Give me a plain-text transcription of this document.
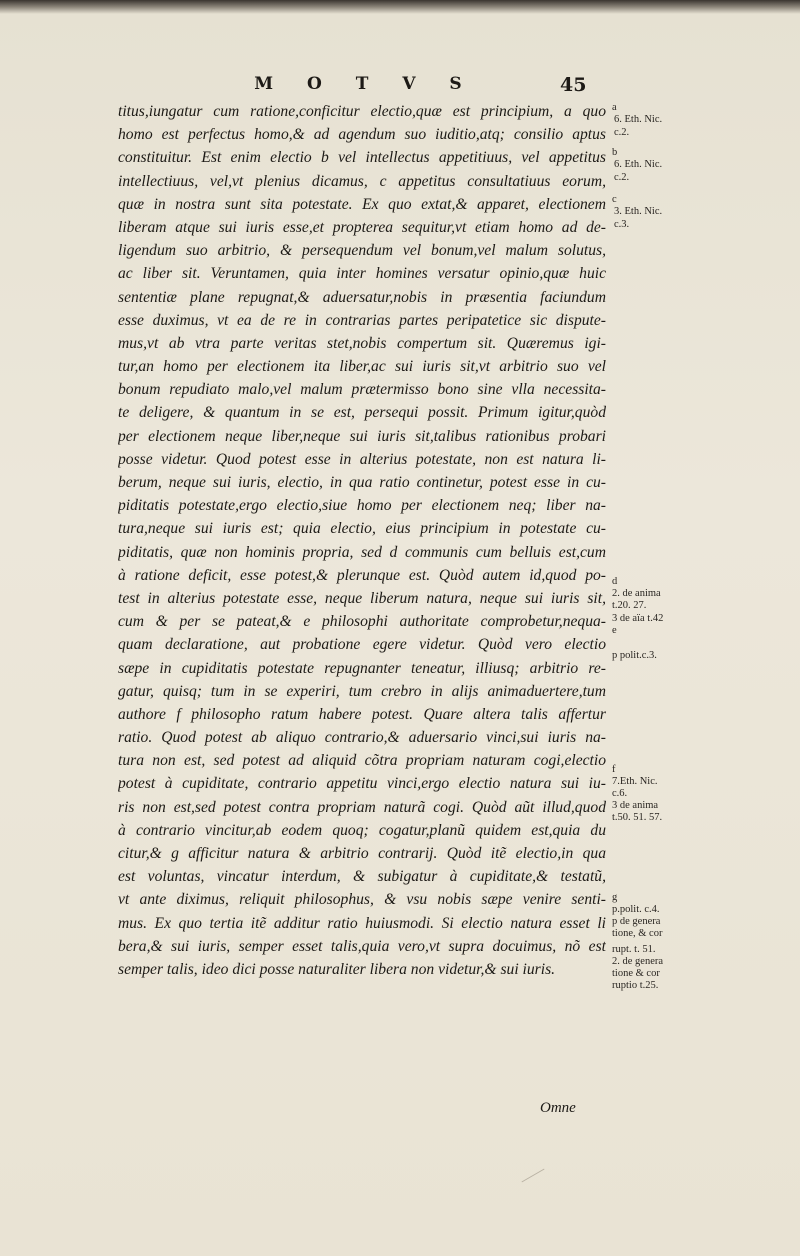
M O T V S	45
titus,iungatur cum ratione,conficitur electio,quæ est principium, a quo
homo est perfectus homo,& ad agendum suo iuditio,atq; consilio aptus
constituitur. Est enim electio b vel intellectus appetitiuus, vel appetitus
intellectiuus, vel,vt plenius dicamus, c appetitus consultatiuus eorum,
quæ in nostra sunt sita potestate. Ex quo extat,& apparet, electionem
liberam atque sui iuris esse,et propterea sequitur,vt etiam homo ad de-
ligendum suo arbitrio, & persequendum vel bonum,vel malum solutus,
ac liber sit. Veruntamen, quia inter homines versatur opinio,quæ huic
sententiæ plane repugnat,& aduersatur,nobis in præsentia faciundum
esse duximus, vt ea de re in contrarias partes peripatetice sic dispute-
mus,vt ab vtra parte veritas stet,nobis compertum sit. Quæremus igi-
tur,an homo per electionem ita liber,ac sui iuris sit,vt arbitrio suo vel
bonum repudiato malo,vel malum prætermisso bono sine vlla necessita-
te deligere, & quantum in se est, persequi possit. Primum igitur,quòd
per electionem neque liber,neque sui iuris sit,talibus rationibus probari
posse videtur. Quod potest esse in alterius potestate, non est natura li-
berum, neque sui iuris, electio, in qua ratio continetur, potest esse in cu-
piditatis potestate,ergo electio,siue homo per electionem neq; liber na-
tura,neque sui iuris est; quia electio, eius principium in potestate cu-
piditatis, quæ non hominis propria, sed d communis cum belluis est,cum
à ratione deficit, esse potest,& plerunque est. Quòd autem id,quod po-
test in alterius potestate esse, neque liberum natura, neque sui iuris sit,
cum & per se pateat,& e philosophi authoritate comprobetur,nequa-
quam declaratione, aut probatione egere videtur. Quòd vero electio
sæpe in cupiditatis potestate repugnanter teneatur, illiusq; arbitrio re-
gatur, quisq; tum in se experiri, tum crebro in alijs animaduertere,tum
authore f philosopho ratum habere potest. Quare altera talis affertur
ratio. Quod potest ab aliquo contrario,& aduersario vinci,sui iuris na-
tura non est, sed potest ad aliquid cõtra propriam naturam cogi,electio
potest à cupiditate, contrario appetitu vinci,ergo electio natura sui iu-
ris non est,sed potest contra propriam naturã cogi. Quòd aũt illud,quod
à contrario vincitur,ab eodem quoq; cogatur,planũ quidem est,quia du
citur,& g afficitur natura & arbitrio contrarij. Quòd itẽ electio,in qua
est voluntas, vincatur interdum, & subigatur à cupiditate,& testatũ,
vt ante diximus, reliquit philosophus, & vsu nobis sæpe venire senti-
mus. Ex quo tertia itẽ additur ratio huiusmodi. Si electio natura esset li
bera,& sui iuris, semper esset talis,quia vero,vt supra docuimus, nõ est
semper talis, ideo dici posse naturaliter libera non videtur,& sui iuris.
Omne
a
6. Eth. Nic.
c.2.
b
6. Eth. Nic.
c.2.
c
3. Eth. Nic.
c.3.
d
2. de anima
t.20. 27.
3 de aïa t.42
e
p polit.c.3.
f
7.Eth. Nic.
c.6.
3 de anima
t.50. 51. 57.
g
p.polit. c.4.
p de genera
tione, & cor
rupt. t. 51.
2. de genera
tione & cor
ruptio t.25.
